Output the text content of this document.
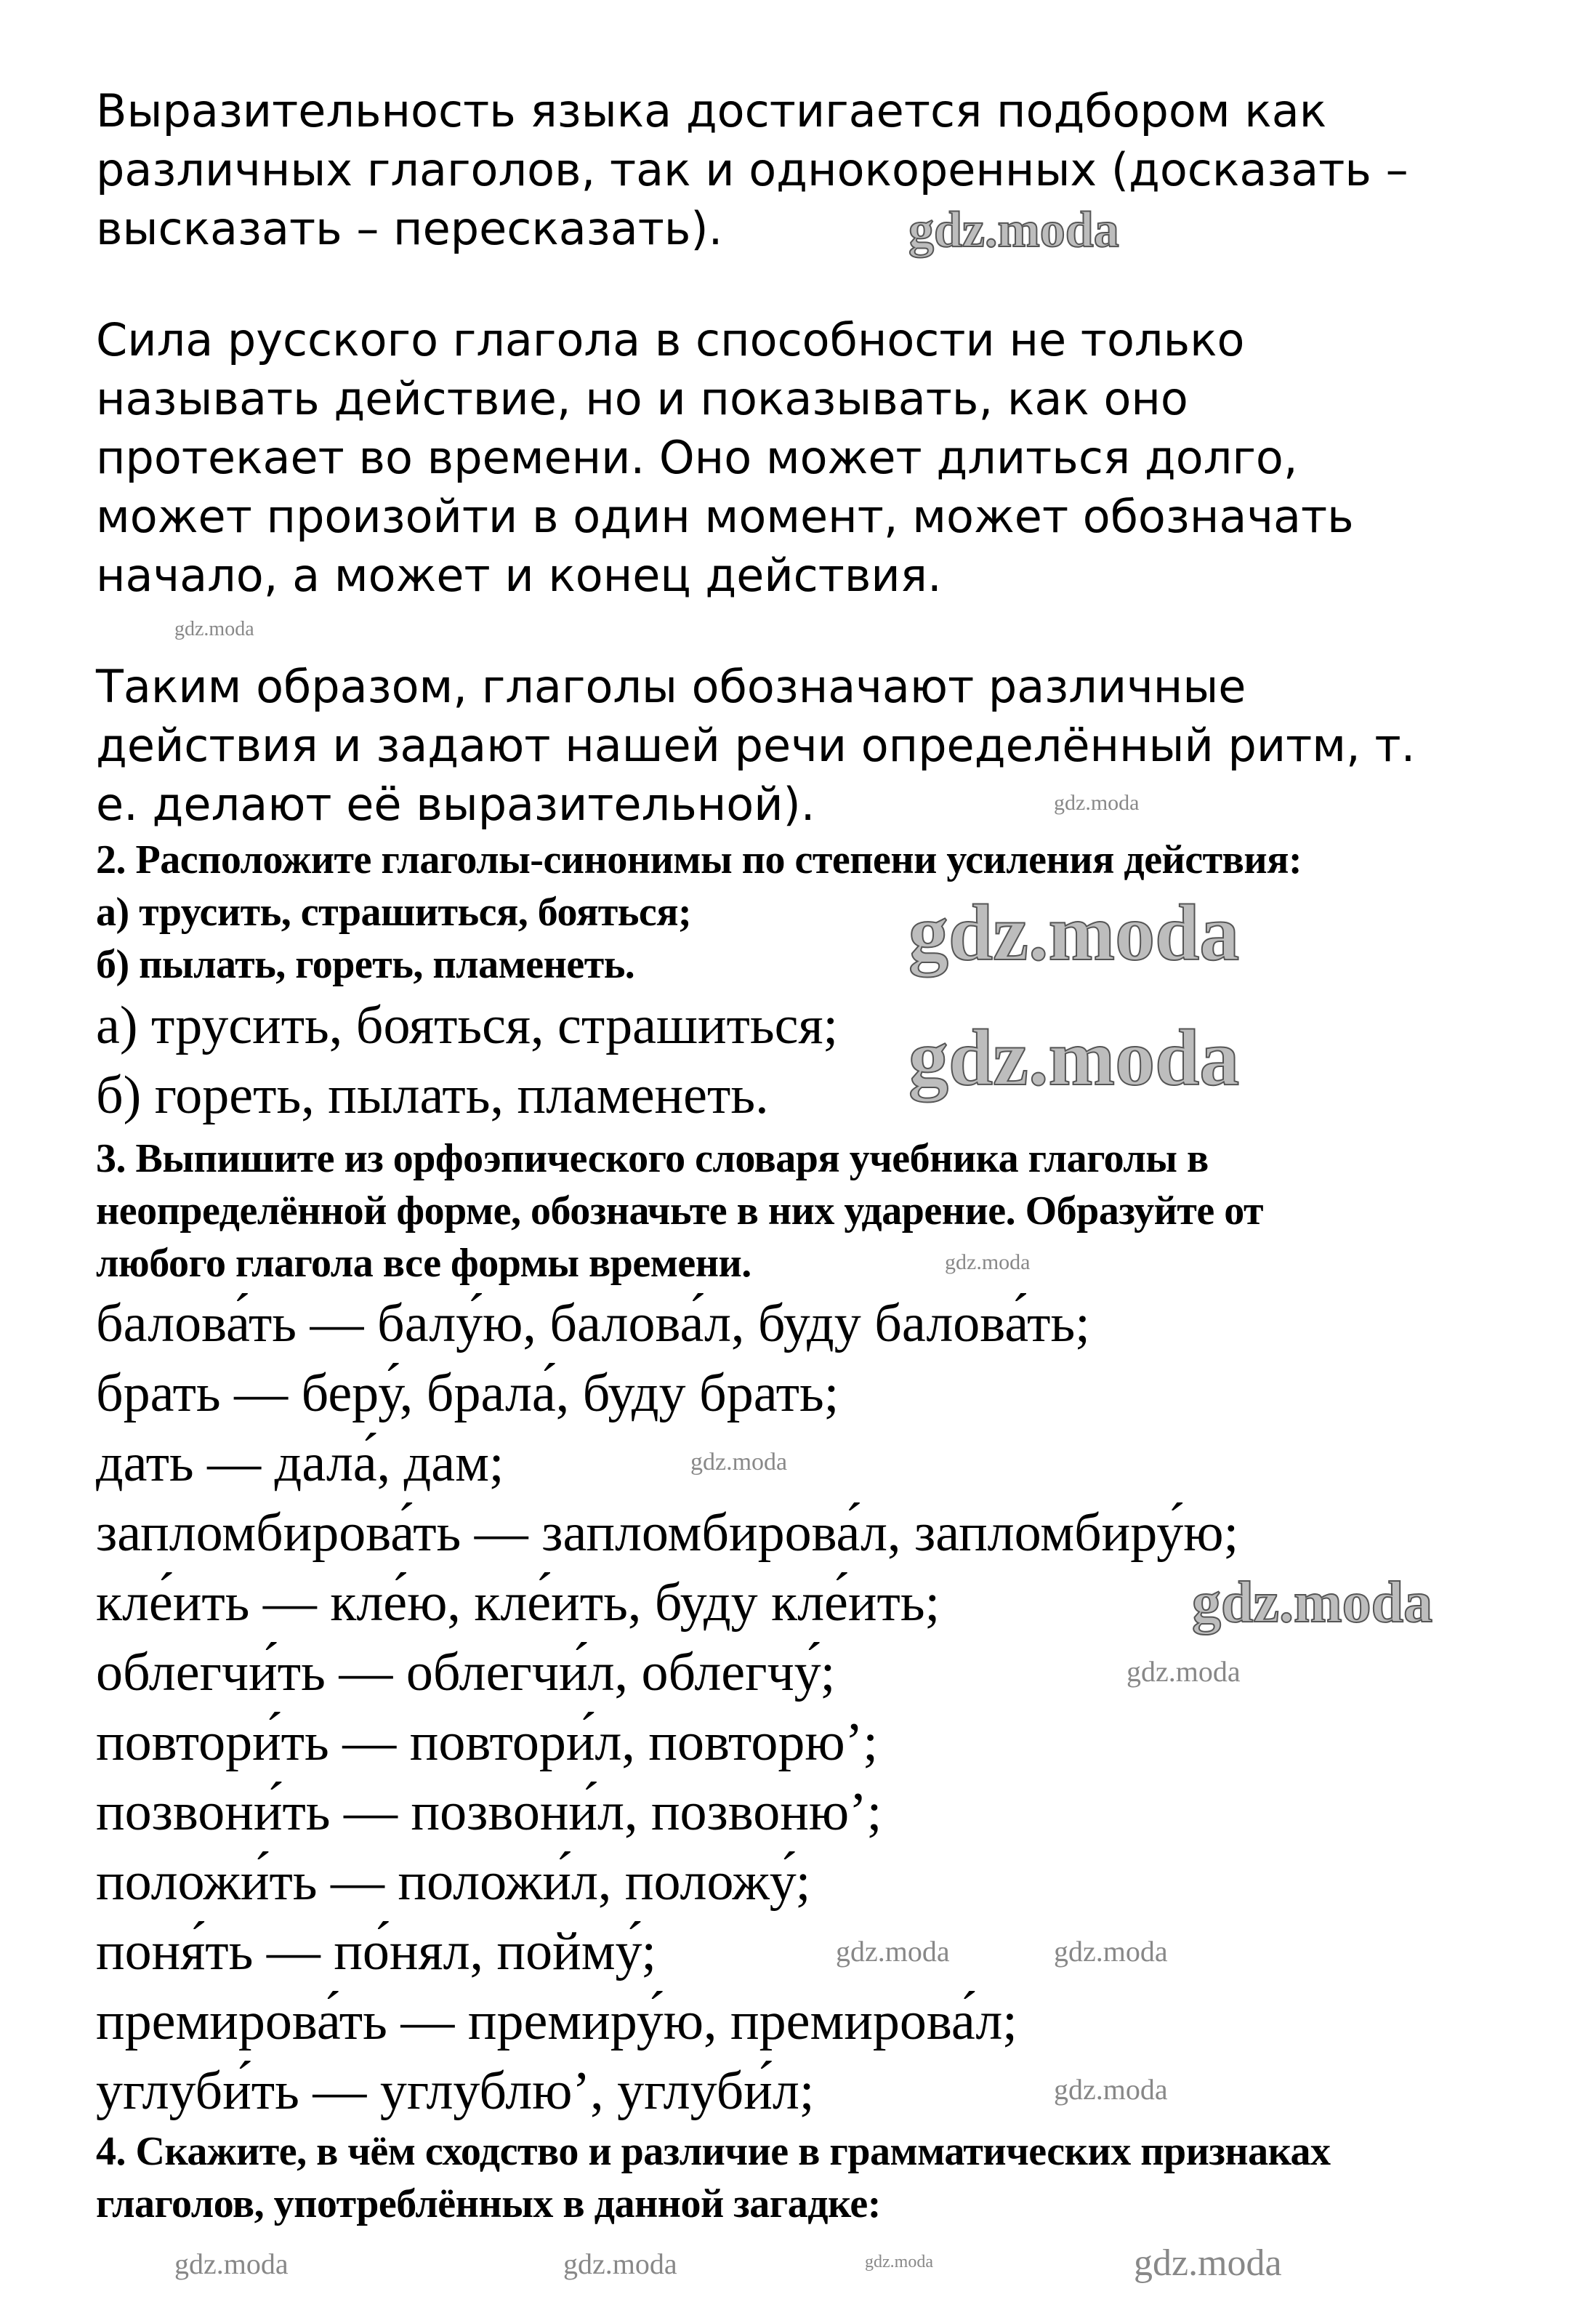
Выразительность языка достигается подбором как
различных глаголов, так и однокоренных (досказать –
высказать – пересказать).
Сила русского глагола в способности не только
называть действие, но и показывать, как оно
протекает во времени. Оно может длиться долго,
может произойти в один момент, может обозначать
начало, а может и конец действия.
Таким образом, глаголы обозначают различные
действия и задают нашей речи определённый ритм, т.
е. делают её выразительной).
2. Расположите глаголы-синонимы по степени усиления действия:
а) трусить, страшиться, бояться;
б) пылать, гореть, пламенеть.
а) трусить, бояться, страшиться;
б) гореть, пылать, пламенеть.
3. Выпишите из орфоэпического словаря учебника глаголы в
неопределённой форме, обозначьте в них ударение. Образуйте от
любого глагола все формы времени.
балова́ть — балу́ю, балова́л, буду балова́ть;
брать — беру́, брала́, буду брать;
дать — дала́, дам;
запломбирова́ть — запломбирова́л, запломбиру́ю;
кле́ить — кле́ю, кле́ить, буду кле́ить;
облегчи́ть — облегчи́л, облегчу́;
повтори́ть — повтори́л, повторю’;
позвони́ть — позвони́л, позвоню’;
положи́ть — положи́л, положу́;
поня́ть — по́нял, пойму́;
премирова́ть — премиру́ю, премирова́л;
углуби́ть — углублю’, углуби́л;
4. Скажите, в чём сходство и различие в грамматических признаках
глаголов, употреблённых в данной загадке:
gdz.moda
gdz.moda
gdz.moda
gdz.moda
gdz.moda
gdz.moda
gdz.moda
gdz.moda
gdz.moda
gdz.moda	gdz.moda
gdz.moda
gdz.moda	gdz.moda	gdz.moda	gdz.moda
